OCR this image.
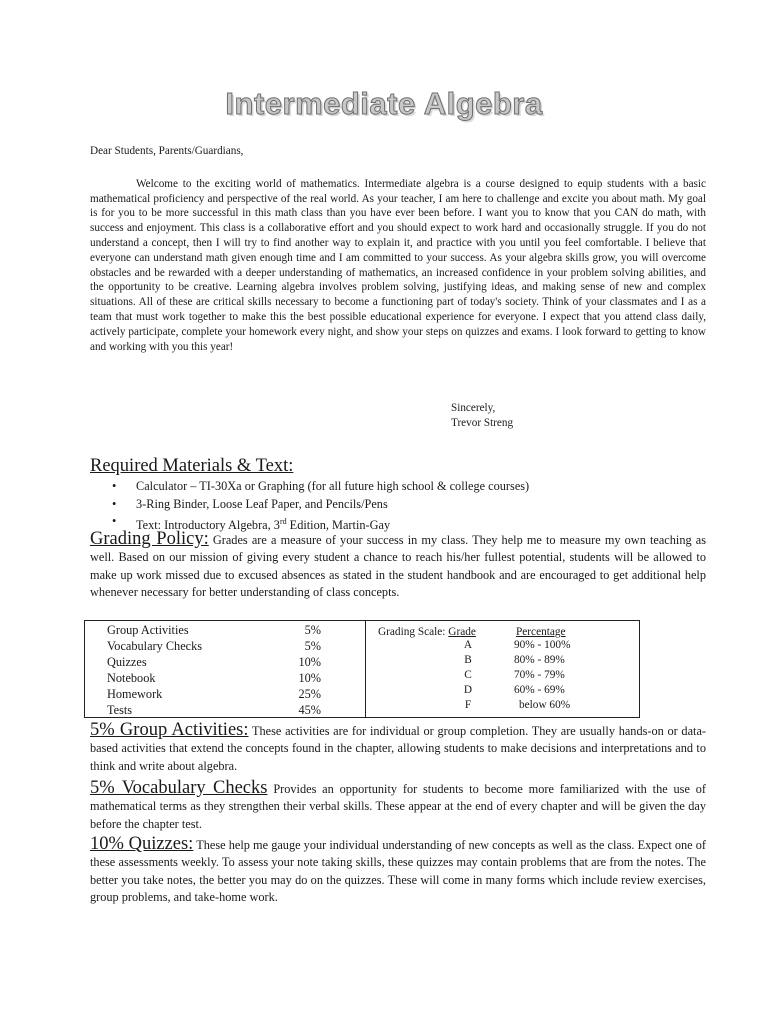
Intermediate Algebra

Dear Students, Parents/Guardians,

Welcome to the exciting world of mathematics. Intermediate algebra is a course designed to equip students with a basic mathematical proficiency and perspective of the real world. As your teacher, I am here to challenge and excite you about math. My goal is for you to be more successful in this math class than you have ever been before. I want you to know that you CAN do math, with success and enjoyment. This class is a collaborative effort and you should expect to work hard and occasionally struggle. If you do not understand a concept, then I will try to find another way to explain it, and practice with you until you feel comfortable. I believe that everyone can understand math given enough time and I am committed to your success. As your algebra skills grow, you will overcome obstacles and be rewarded with a deeper understanding of mathematics, an increased confidence in your problem solving abilities, and the opportunity to be creative. Learning algebra involves problem solving, justifying ideas, and making sense of new and complex situations. All of these are critical skills necessary to become a functioning part of today's society. Think of your classmates and I as a team that must work together to make this the best possible educational experience for everyone. I expect that you attend class daily, actively participate, complete your homework every night, and show your steps on quizzes and exams. I look forward to getting to know and working with you this year!

Sincerely,
Trevor Streng
Required Materials & Text:
• Calculator – TI-30Xa or Graphing (for all future high school & college courses)
• 3-Ring Binder, Loose Leaf Paper, and Pencils/Pens
• Text: Introductory Algebra, 3rd Edition, Martin-Gay
Grading Policy: Grades are a measure of your success in my class. They help me to measure my own teaching as well. Based on our mission of giving every student a chance to reach his/her fullest potential, students will be allowed to make up work missed due to excused absences as stated in the student handbook and are encouraged to get additional help whenever necessary for better understanding of class concepts.
Group Activities	5%
Vocabulary Checks	5%
Quizzes	10%
Notebook	10%
Homework	25%
Tests	45%
Grading Scale: Grade	Percentage
A	90% - 100%
B	80% - 89%
C	70% - 79%
D	60% - 69%
F	below 60%
5% Group Activities: These activities are for individual or group completion. They are usually hands-on or data-based activities that extend the concepts found in the chapter, allowing students to make decisions and interpretations and to think and write about algebra.
5% Vocabulary Checks Provides an opportunity for students to become more familiarized with the use of mathematical terms as they strengthen their verbal skills. These appear at the end of every chapter and will be given the day before the chapter test.
10% Quizzes: These help me gauge your individual understanding of new concepts as well as the class. Expect one of these assessments weekly. To assess your note taking skills, these quizzes may contain problems that are from the notes. The better you take notes, the better you may do on the quizzes. These will come in many forms which include review exercises, group problems, and take-home work.
